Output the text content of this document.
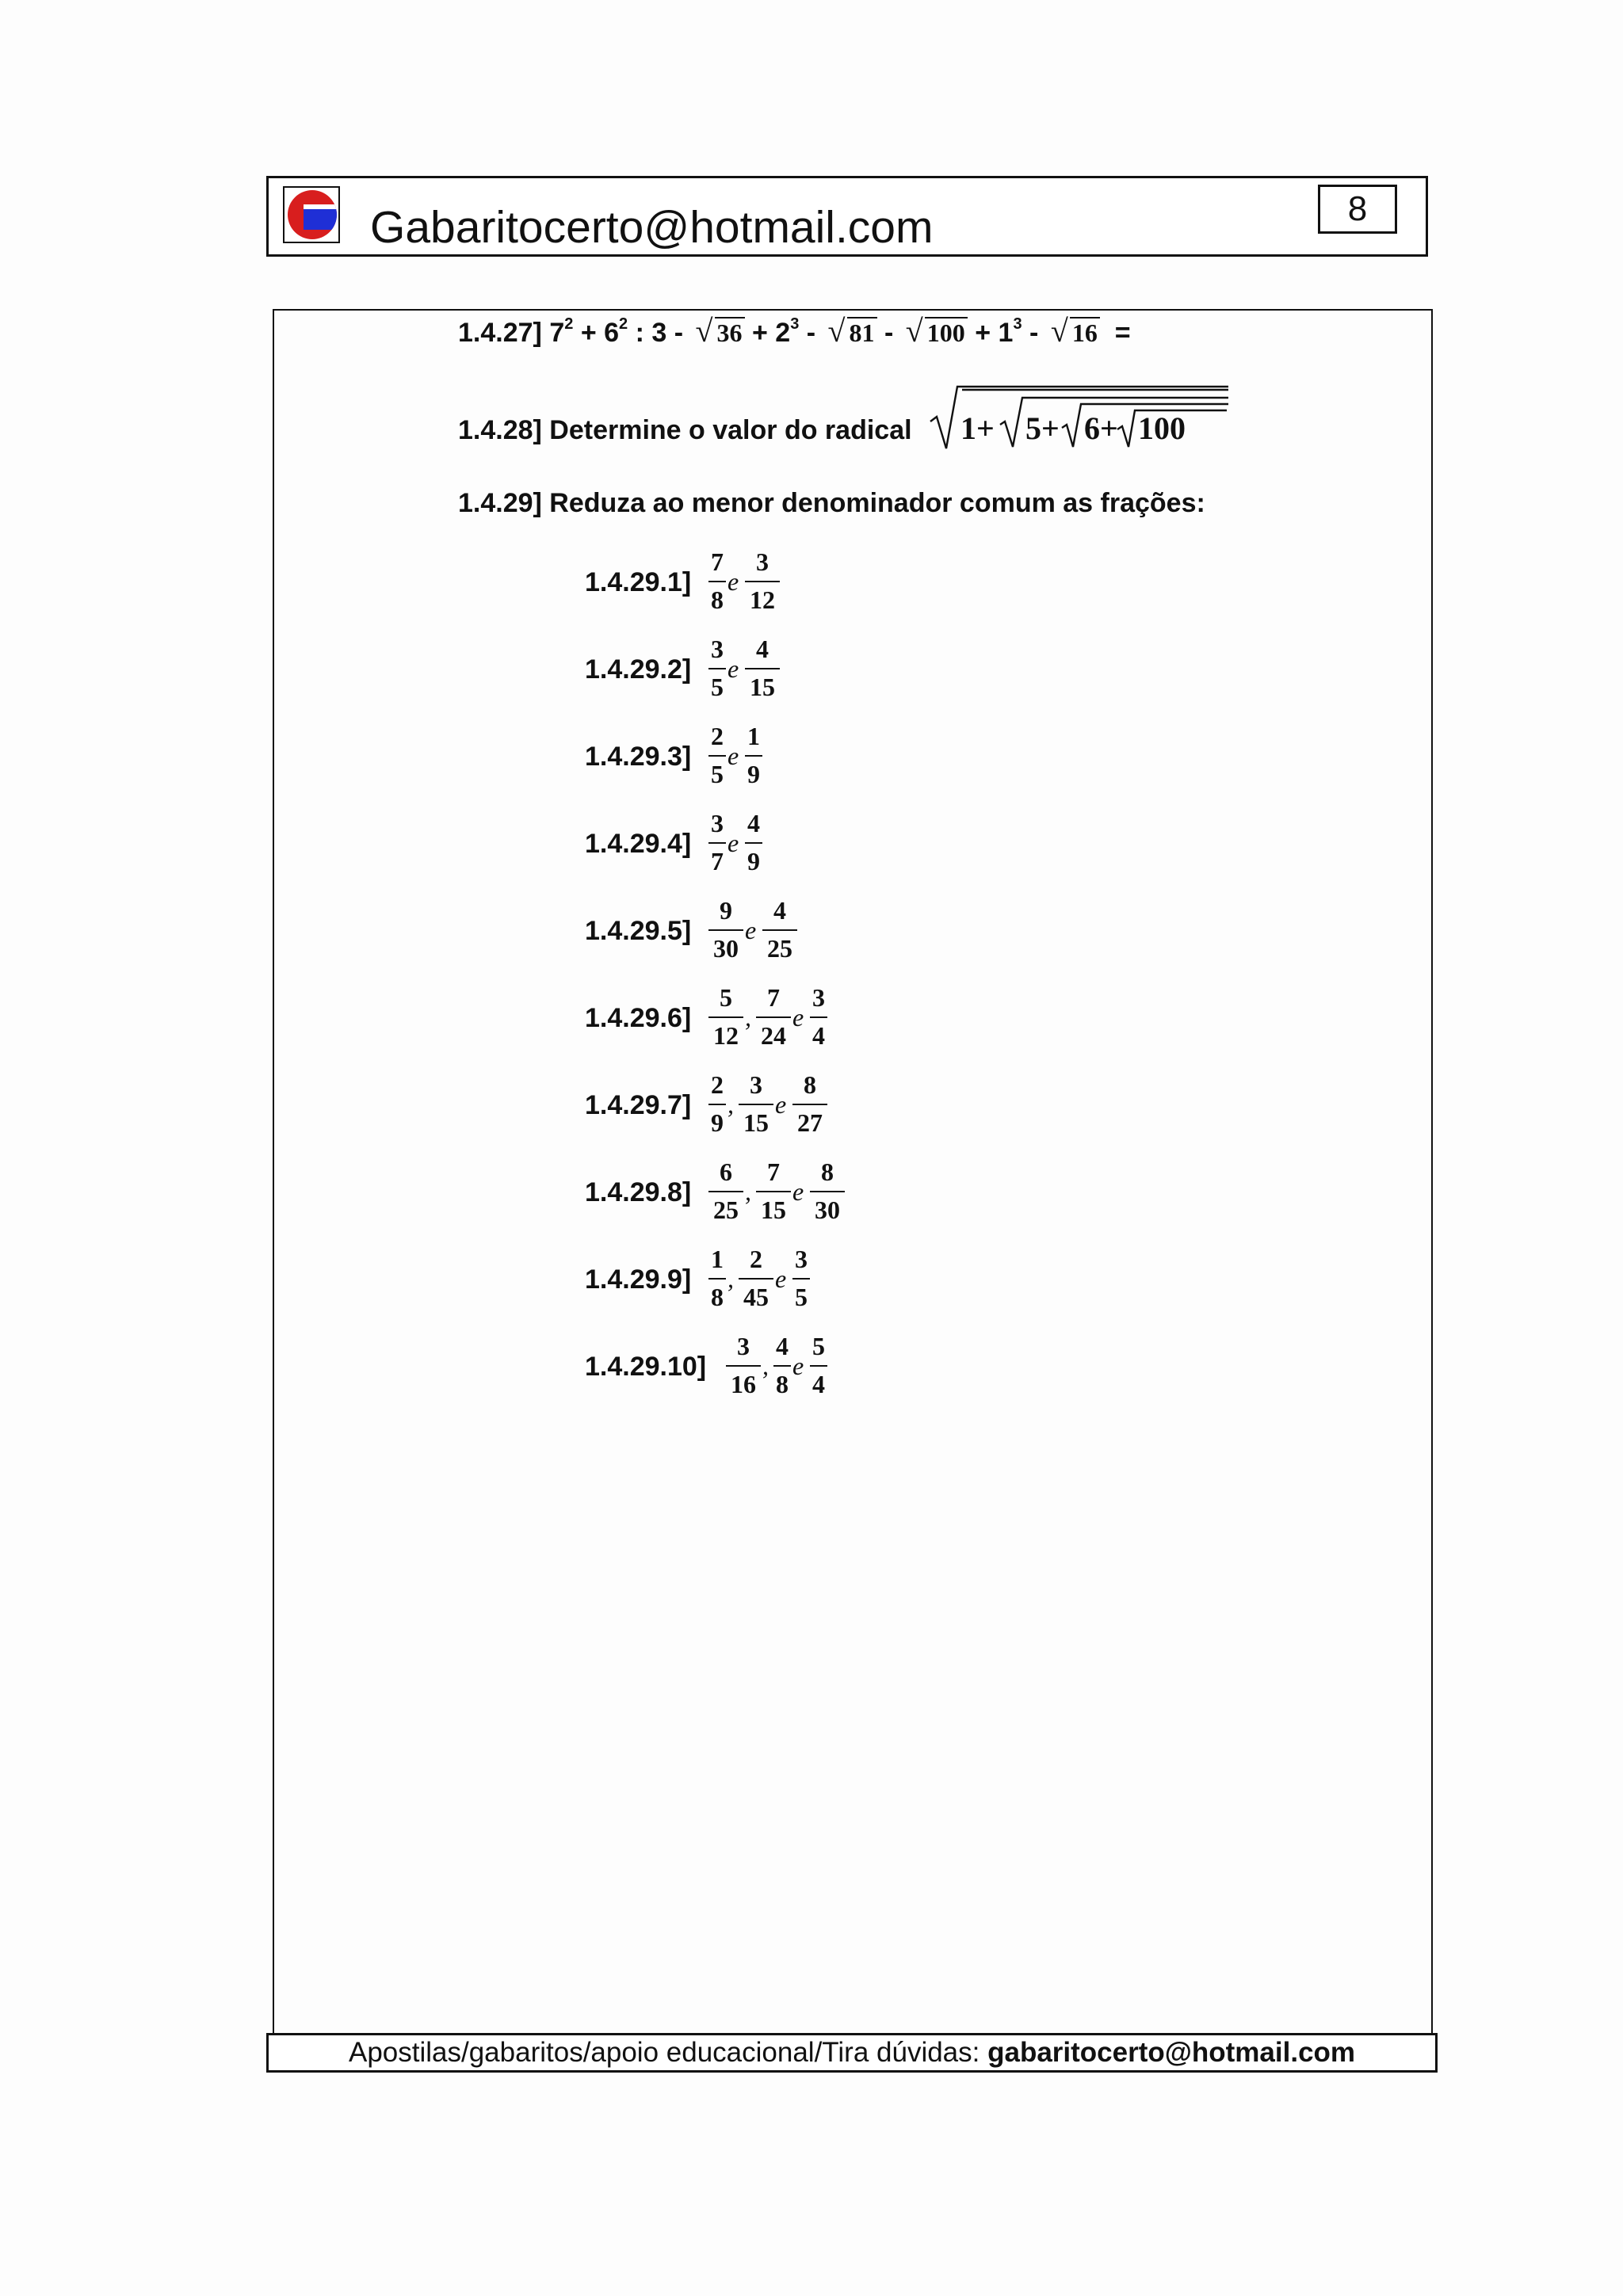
Gabaritocerto@hotmail.com	8
1.4.27] $7^2 + 6^2$ : 3 - √ $36 + 2^3$ - √ 81 - √ $100 + 1^3$ - √ 16 =
1.4.28] Determine o valor do radical 1+ 5+ 6+ 100
1.4.29] Reduza ao menor denominador comum as frações:
1.4.29.1]
7
8
e
3
12
1.4.29.2]
3
5
e
4
15
1.4.29.3]
2
5
e
1
9
1.4.29.4]
3
7
e
4
9
1.4.29.5]
9
30
e
4
25
1.4.29.6]
5
12
,
7
24
e
3
4
1.4.29.7]
2
9
,
3
15
e
8
27
1.4.29.8]
6
25
,
7
15
e
8
30
1.4.29.9]
1
8
,
2
45
e
3
5
1.4.29.10]
3
16
,
4
8
e
5
4
Apostilas/gabaritos/apoio educacional/Tira dúvidas: gabaritocerto@hotmail.com
